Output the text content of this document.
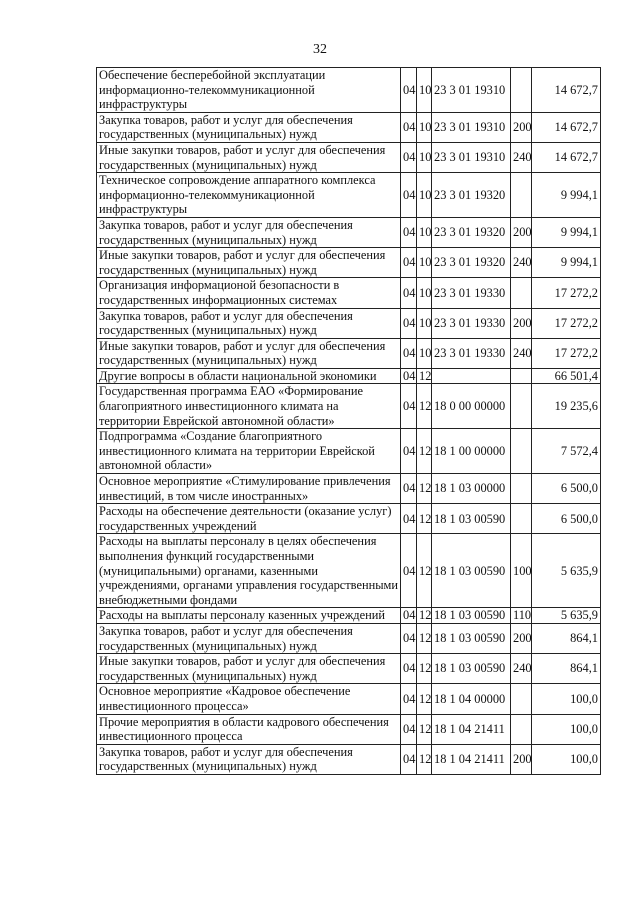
32
Обеспечение бесперебойной эксплуатации информационно-телекоммуникационной инфраструктуры	04	10	23 3 01 19310		14 672,7
Закупка товаров, работ и услуг для обеспечения государственных (муниципальных) нужд	04	10	23 3 01 19310	200	14 672,7
Иные закупки товаров, работ и услуг для обеспечения государственных (муниципальных) нужд	04	10	23 3 01 19310	240	14 672,7
Техническое сопровождение аппаратного комплекса информационно-телекоммуникационной инфраструктуры	04	10	23 3 01 19320		9 994,1
Закупка товаров, работ и услуг для обеспечения государственных (муниципальных) нужд	04	10	23 3 01 19320	200	9 994,1
Иные закупки товаров, работ и услуг для обеспечения государственных (муниципальных) нужд	04	10	23 3 01 19320	240	9 994,1
Организация информационой безопасности в государственных информационных системах	04	10	23 3 01 19330		17 272,2
Закупка товаров, работ и услуг для обеспечения государственных (муниципальных) нужд	04	10	23 3 01 19330	200	17 272,2
Иные закупки товаров, работ и услуг для обеспечения государственных (муниципальных) нужд	04	10	23 3 01 19330	240	17 272,2
Другие вопросы в области национальной экономики	04	12			66 501,4
Государственная программа ЕАО «Формирование благоприятного инвестиционного климата на территории Еврейской автономной области»	04	12	18 0 00 00000		19 235,6
Подпрограмма «Создание благоприятного инвестиционного климата на территории Еврейской автономной области»	04	12	18 1 00 00000		7 572,4
Основное мероприятие «Стимулирование привлечения инвестиций, в том числе иностранных»	04	12	18 1 03 00000		6 500,0
Расходы на обеспечение деятельности (оказание услуг) государственных учреждений	04	12	18 1 03 00590		6 500,0
Расходы на выплаты персоналу в целях обеспечения выполнения функций государственными (муниципальными) органами, казенными учреждениями, органами управления государственными внебюджетными фондами	04	12	18 1 03 00590	100	5 635,9
Расходы на выплаты персоналу казенных учреждений	04	12	18 1 03 00590	110	5 635,9
Закупка товаров, работ и услуг для обеспечения государственных (муниципальных) нужд	04	12	18 1 03 00590	200	864,1
Иные закупки товаров, работ и услуг для обеспечения государственных (муниципальных) нужд	04	12	18 1 03 00590	240	864,1
Основное мероприятие «Кадровое обеспечение инвестиционного процесса»	04	12	18 1 04 00000		100,0
Прочие мероприятия в области кадрового обеспечения инвестиционного процесса	04	12	18 1 04 21411		100,0
Закупка товаров, работ и услуг для обеспечения государственных (муниципальных) нужд	04	12	18 1 04 21411	200	100,0
